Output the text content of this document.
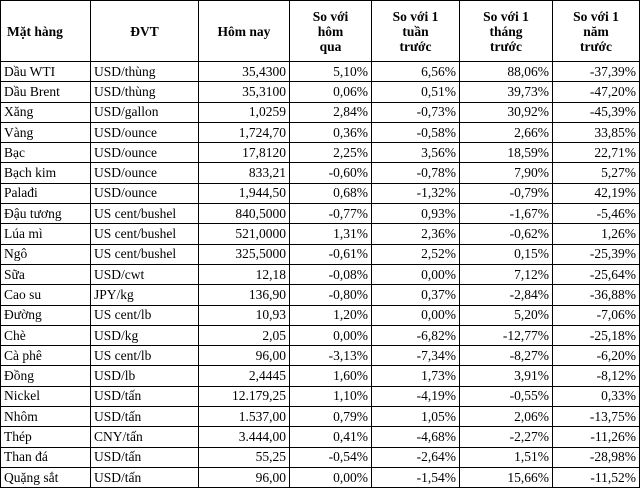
Mặt hàng	ĐVT	Hôm nay	So với
hôm
qua	So với 1
tuần
trước	So với 1
tháng
trước	So với 1
năm
trước

Dầu WTI	USD/thùng	35,4300	5,10%	6,56%	88,06%	-37,39%
Dầu Brent	USD/thùng	35,3100	0,06%	0,51%	39,73%	-47,20%
Xăng	USD/gallon	1,0259	2,84%	-0,73%	30,92%	-45,39%
Vàng	USD/ounce	1,724,70	0,36%	-0,58%	2,66%	33,85%
Bạc	USD/ounce	17,8120	2,25%	3,56%	18,59%	22,71%
Bạch kim	USD/ounce	833,21	-0,60%	-0,78%	7,90%	5,27%
Palađi	USD/ounce	1,944,50	0,68%	-1,32%	-0,79%	42,19%
Đậu tương	US cent/bushel	840,5000	-0,77%	0,93%	-1,67%	-5,46%
Lúa mì	US cent/bushel	521,0000	1,31%	2,36%	-0,62%	1,26%
Ngô	US cent/bushel	325,5000	-0,61%	2,52%	0,15%	-25,39%
Sữa	USD/cwt	12,18	-0,08%	0,00%	7,12%	-25,64%
Cao su	JPY/kg	136,90	-0,80%	0,37%	-2,84%	-36,88%
Đường	US cent/lb	10,93	1,20%	0,00%	5,20%	-7,06%
Chè	USD/kg	2,05	0,00%	-6,82%	-12,77%	-25,18%
Cà phê	US cent/lb	96,00	-3,13%	-7,34%	-8,27%	-6,20%
Đồng	USD/lb	2,4445	1,60%	1,73%	3,91%	-8,12%
Nickel	USD/tấn	12.179,25	1,10%	-4,19%	-0,55%	0,33%
Nhôm	USD/tấn	1.537,00	0,79%	1,05%	2,06%	-13,75%
Thép	CNY/tấn	3.444,00	0,41%	-4,68%	-2,27%	-11,26%
Than đá	USD/tấn	55,25	-0,54%	-2,64%	1,51%	-28,98%
Quặng sắt	USD/tấn	96,00	0,00%	-1,54%	15,66%	-11,52%
